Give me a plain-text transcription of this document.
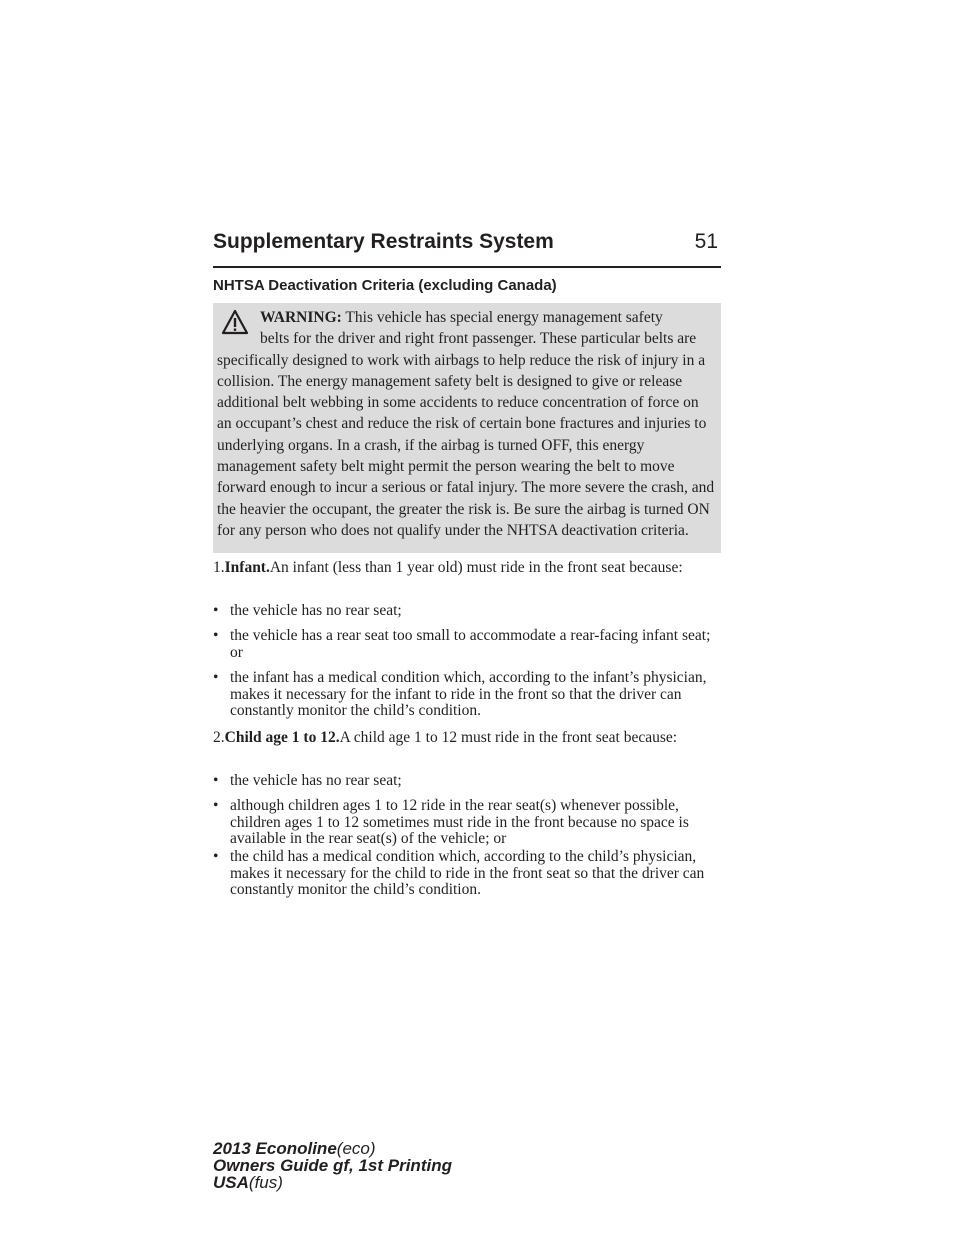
Supplementary Restraints System	51
NHTSA Deactivation Criteria (excluding Canada)
WARNING: This vehicle has special energy management safety
belts for the driver and right front passenger. These particular belts are specifically designed to work with airbags to help reduce the risk of injury in a collision. The energy management safety belt is designed to give or release additional belt webbing in some accidents to reduce concentration of force on an occupant’s chest and reduce the risk of certain bone fractures and injuries to underlying organs. In a crash, if the airbag is turned OFF, this energy management safety belt might permit the person wearing the belt to move forward enough to incur a serious or fatal injury. The more severe the crash, and the heavier the occupant, the greater the risk is. Be sure the airbag is turned ON for any person who does not qualify under the NHTSA deactivation criteria.
1.Infant.An infant (less than 1 year old) must ride in the front seat because:
• the vehicle has no rear seat;
• the vehicle has a rear seat too small to accommodate a rear-facing infant seat; or
• the infant has a medical condition which, according to the infant’s physician, makes it necessary for the infant to ride in the front so that the driver can constantly monitor the child’s condition.
2.Child age 1 to 12.A child age 1 to 12 must ride in the front seat because:
• the vehicle has no rear seat;
• although children ages 1 to 12 ride in the rear seat(s) whenever possible, children ages 1 to 12 sometimes must ride in the front because no space is available in the rear seat(s) of the vehicle; or
• the child has a medical condition which, according to the child’s physician, makes it necessary for the child to ride in the front seat so that the driver can constantly monitor the child’s condition.
2013 Econoline(eco)
Owners Guide gf, 1st Printing
USA(fus)
